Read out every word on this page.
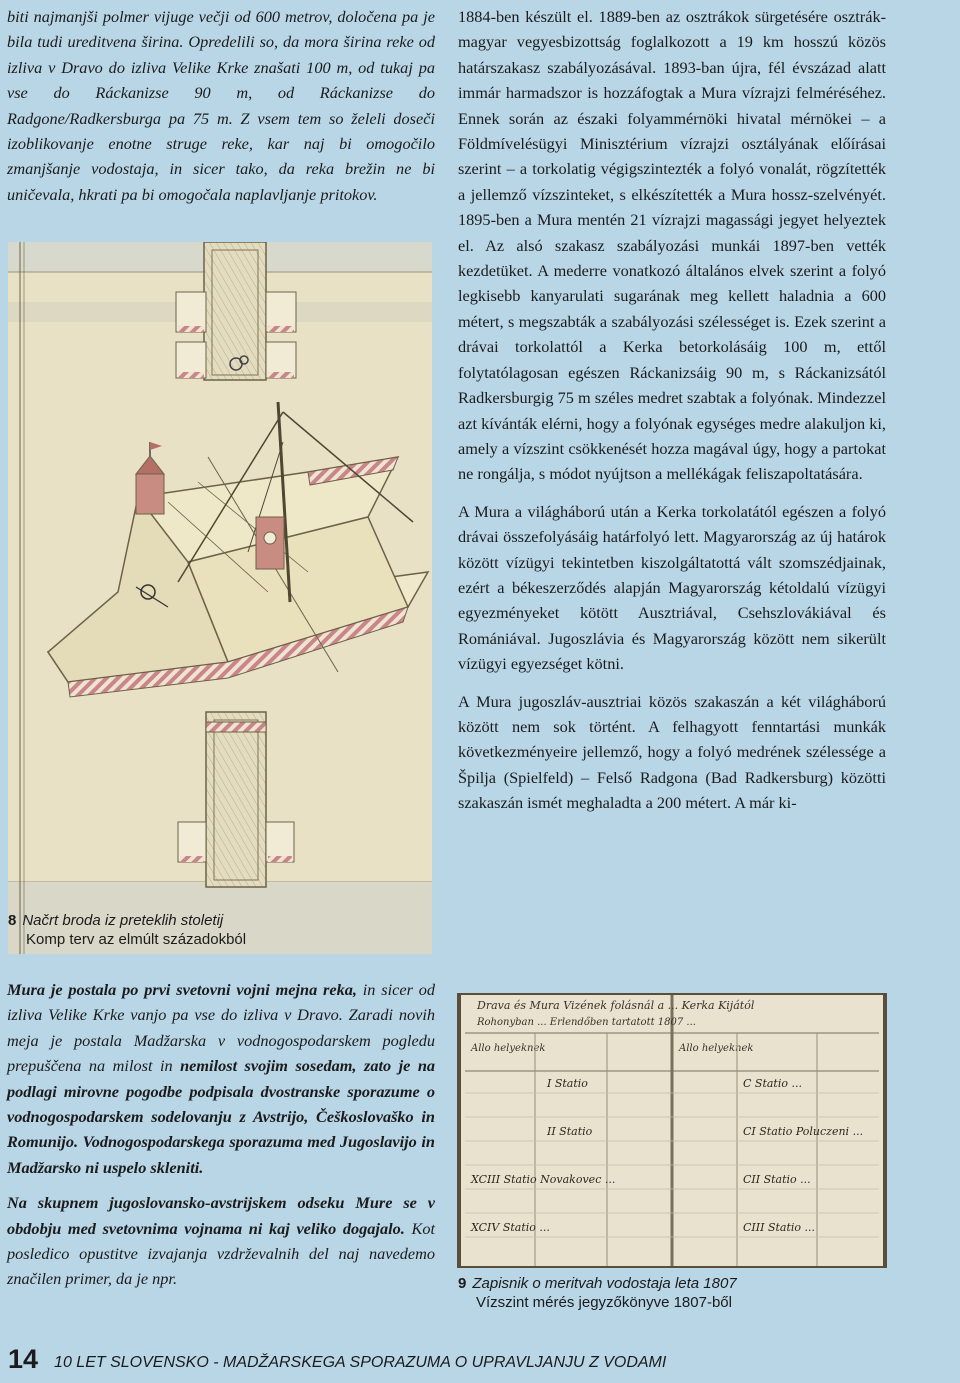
biti najmanjši polmer vijuge večji od 600 metrov, določena pa je bila tudi ureditvena širina. Opredelili so, da mora širina reke od izliva v Dravo do izliva Velike Krke znašati 100 m, od tukaj pa vse do Ráckanizse 90 m, od Ráckanizse do Radgone/Radkersburga pa 75 m. Z vsem tem so želeli doseči izoblikovanje enotne struge reke, kar naj bi omogočilo zmanjšanje vodostaja, in sicer tako, da reka brežin ne bi uničevala, hkrati pa bi omogočala naplavljanje pritokov.

8 Načrt broda iz preteklih stoletij
Komp terv az elmúlt századokból

1884-ben készült el. 1889-ben az osztrákok sürgetésére osztrák-magyar vegyesbizottság foglalkozott a 19 km hosszú közös határszakasz szabályozásával. 1893-ban újra, fél évszázad alatt immár harmadszor is hozzáfogtak a Mura vízrajzi felméréséhez. Ennek során az északi folyammérnöki hivatal mérnökei – a Földmívelésügyi Minisztérium vízrajzi osztályának előírásai szerint – a torkolatig végigszintezték a folyó vonalát, rögzítették a jellemző vízszinteket, s elkészítették a Mura hossz-szelvényét. 1895-ben a Mura mentén 21 vízrajzi magassági jegyet helyeztek el. Az alsó szakasz szabályozási munkái 1897-ben vették kezdetüket. A mederre vonatkozó általános elvek szerint a folyó legkisebb kanyarulati sugarának meg kellett haladnia a 600 métert, s megszabták a szabályozási szélességet is. Ezek szerint a drávai torkolattól a Kerka betorkolásáig 100 m, ettől folytatólagosan egészen Ráckanizsáig 90 m, s Ráckanizsától Radkersburgig 75 m széles medret szabtak a folyónak. Mindezzel azt kívánták elérni, hogy a folyónak egységes medre alakuljon ki, amely a vízszint csökkenését hozza magával úgy, hogy a partokat ne rongálja, s módot nyújtson a mellékágak feliszapoltatására.

A Mura a világháború után a Kerka torkolatától egészen a folyó drávai összefolyásáig határfolyó lett. Magyarország az új határok között vízügyi tekintetben kiszolgáltatottá vált szomszédjainak, ezért a békeszerződés alapján Magyarország kétoldalú vízügyi egyezményeket kötött Ausztriával, Csehszlovákiával és Romániával. Jugoszlávia és Magyarország között nem sikerült vízügyi egyezséget kötni.

A Mura jugoszláv-ausztriai közös szakaszán a két világháború között nem sok történt. A felhagyott fenntartási munkák következményeire jellemző, hogy a folyó medrének szélessége a Špilja (Spielfeld) – Felső Radgona (Bad Radkersburg) közötti szakaszán ismét meghaladta a 200 métert. A már ki-

Mura je postala po prvi svetovni vojni mejna reka, in sicer od izliva Velike Krke vanjo pa vse do izliva v Dravo. Zaradi novih meja je postala Madžarska v vodnogospodarskem pogledu prepuščena na milost in nemilost svojim sosedam, zato je na podlagi mirovne pogodbe podpisala dvostranske sporazume o vodnogospodarskem sodelovanju z Avstrijo, Češkoslovaško in Romunijo. Vodnogospodarskega sporazuma med Jugoslavijo in Madžarsko ni uspelo skleniti.

Na skupnem jugoslovansko-avstrijskem odseku Mure se v obdobju med svetovnima vojnama ni kaj veliko dogajalo. Kot posledico opustitve izvajanja vzdrževalnih del naj navedemo značilen primer, da je npr.

Drava és Mura Vizének folásnál a ... Kerka Kijától
Rohonyban ... Erlendőben tartatott 1807 ...
Allo helyeknek	Allo helyeknek
I Statio
II Statio
XCIII Statio Novakovec ...
XCIV Statio ...
C Statio ...
CI Statio Poluczeni ...
CII Statio ...
CIII Statio ...
9 Zapisnik o meritvah vodostaja leta 1807
Vízszint mérés jegyzőkönyve 1807-ből
14 10 LET SLOVENSKO - MADŽARSKEGA SPORAZUMA O UPRAVLJANJU Z VODAMI
